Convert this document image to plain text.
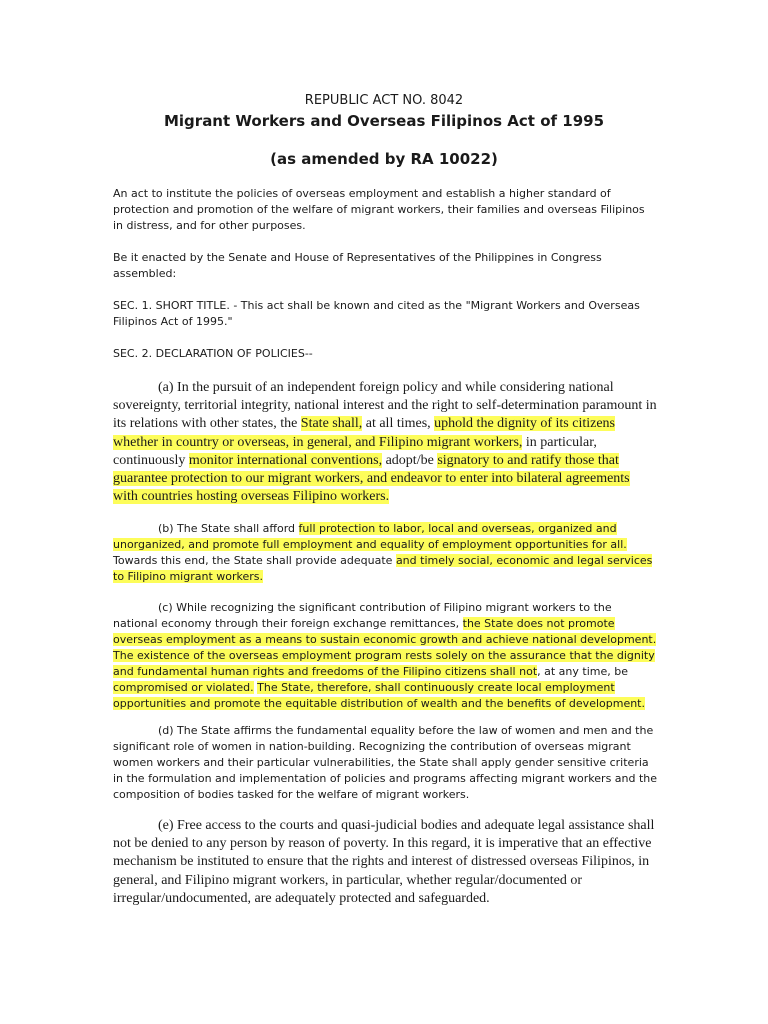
REPUBLIC ACT NO. 8042
Migrant Workers and Overseas Filipinos Act of 1995
(as amended by RA 10022)

An act to institute the policies of overseas employment and establish a higher standard of protection and promotion of the welfare of migrant workers, their families and overseas Filipinos in distress, and for other purposes.

Be it enacted by the Senate and House of Representatives of the Philippines in Congress assembled:

SEC. 1. SHORT TITLE. - This act shall be known and cited as the "Migrant Workers and Overseas Filipinos Act of 1995."

SEC. 2. DECLARATION OF POLICIES--

(a) In the pursuit of an independent foreign policy and while considering national sovereignty, territorial integrity, national interest and the right to self-determination paramount in its relations with other states, the State shall, at all times, uphold the dignity of its citizens whether in country or overseas, in general, and Filipino migrant workers, in particular, continuously monitor international conventions, adopt/be signatory to and ratify those that guarantee protection to our migrant workers, and endeavor to enter into bilateral agreements with countries hosting overseas Filipino workers.

(b) The State shall afford full protection to labor, local and overseas, organized and unorganized, and promote full employment and equality of employment opportunities for all. Towards this end, the State shall provide adequate and timely social, economic and legal services to Filipino migrant workers.

(c) While recognizing the significant contribution of Filipino migrant workers to the national economy through their foreign exchange remittances, the State does not promote overseas employment as a means to sustain economic growth and achieve national development. The existence of the overseas employment program rests solely on the assurance that the dignity and fundamental human rights and freedoms of the Filipino citizens shall not, at any time, be compromised or violated. The State, therefore, shall continuously create local employment opportunities and promote the equitable distribution of wealth and the benefits of development.

(d) The State affirms the fundamental equality before the law of women and men and the significant role of women in nation-building. Recognizing the contribution of overseas migrant women workers and their particular vulnerabilities, the State shall apply gender sensitive criteria in the formulation and implementation of policies and programs affecting migrant workers and the composition of bodies tasked for the welfare of migrant workers.

(e) Free access to the courts and quasi-judicial bodies and adequate legal assistance shall not be denied to any person by reason of poverty. In this regard, it is imperative that an effective mechanism be instituted to ensure that the rights and interest of distressed overseas Filipinos, in general, and Filipino migrant workers, in particular, whether regular/documented or irregular/undocumented, are adequately protected and safeguarded.
